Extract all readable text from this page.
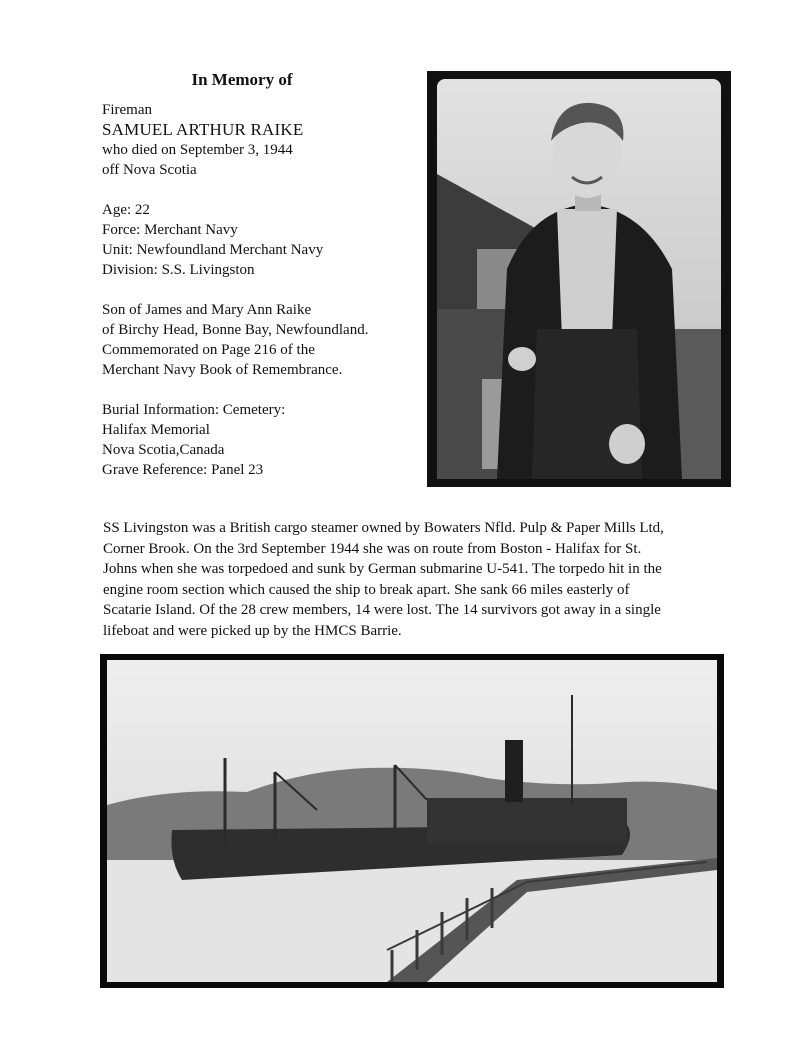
In Memory of
Fireman
SAMUEL ARTHUR RAIKE
who died on September 3, 1944
off Nova Scotia
Age: 22
Force: Merchant Navy
Unit: Newfoundland Merchant Navy
Division: S.S. Livingston
Son of James and Mary Ann Raike
of Birchy Head, Bonne Bay, Newfoundland.
Commemorated on Page 216 of the
Merchant Navy Book of Remembrance.
Burial Information: Cemetery:
Halifax Memorial
Nova Scotia,Canada
Grave Reference: Panel 23
SS Livingston was a British cargo steamer owned by Bowaters Nfld. Pulp & Paper Mills Ltd,
Corner Brook. On the 3rd September 1944 she was on route from Boston - Halifax for St.
Johns when she was torpedoed and sunk by German submarine U-541. The torpedo hit in the
engine room section which caused the ship to break apart. She sank 66 miles easterly of
Scatarie Island. Of the 28 crew members, 14 were lost. The 14 survivors got away in a single
lifeboat and were picked up by the HMCS Barrie.
